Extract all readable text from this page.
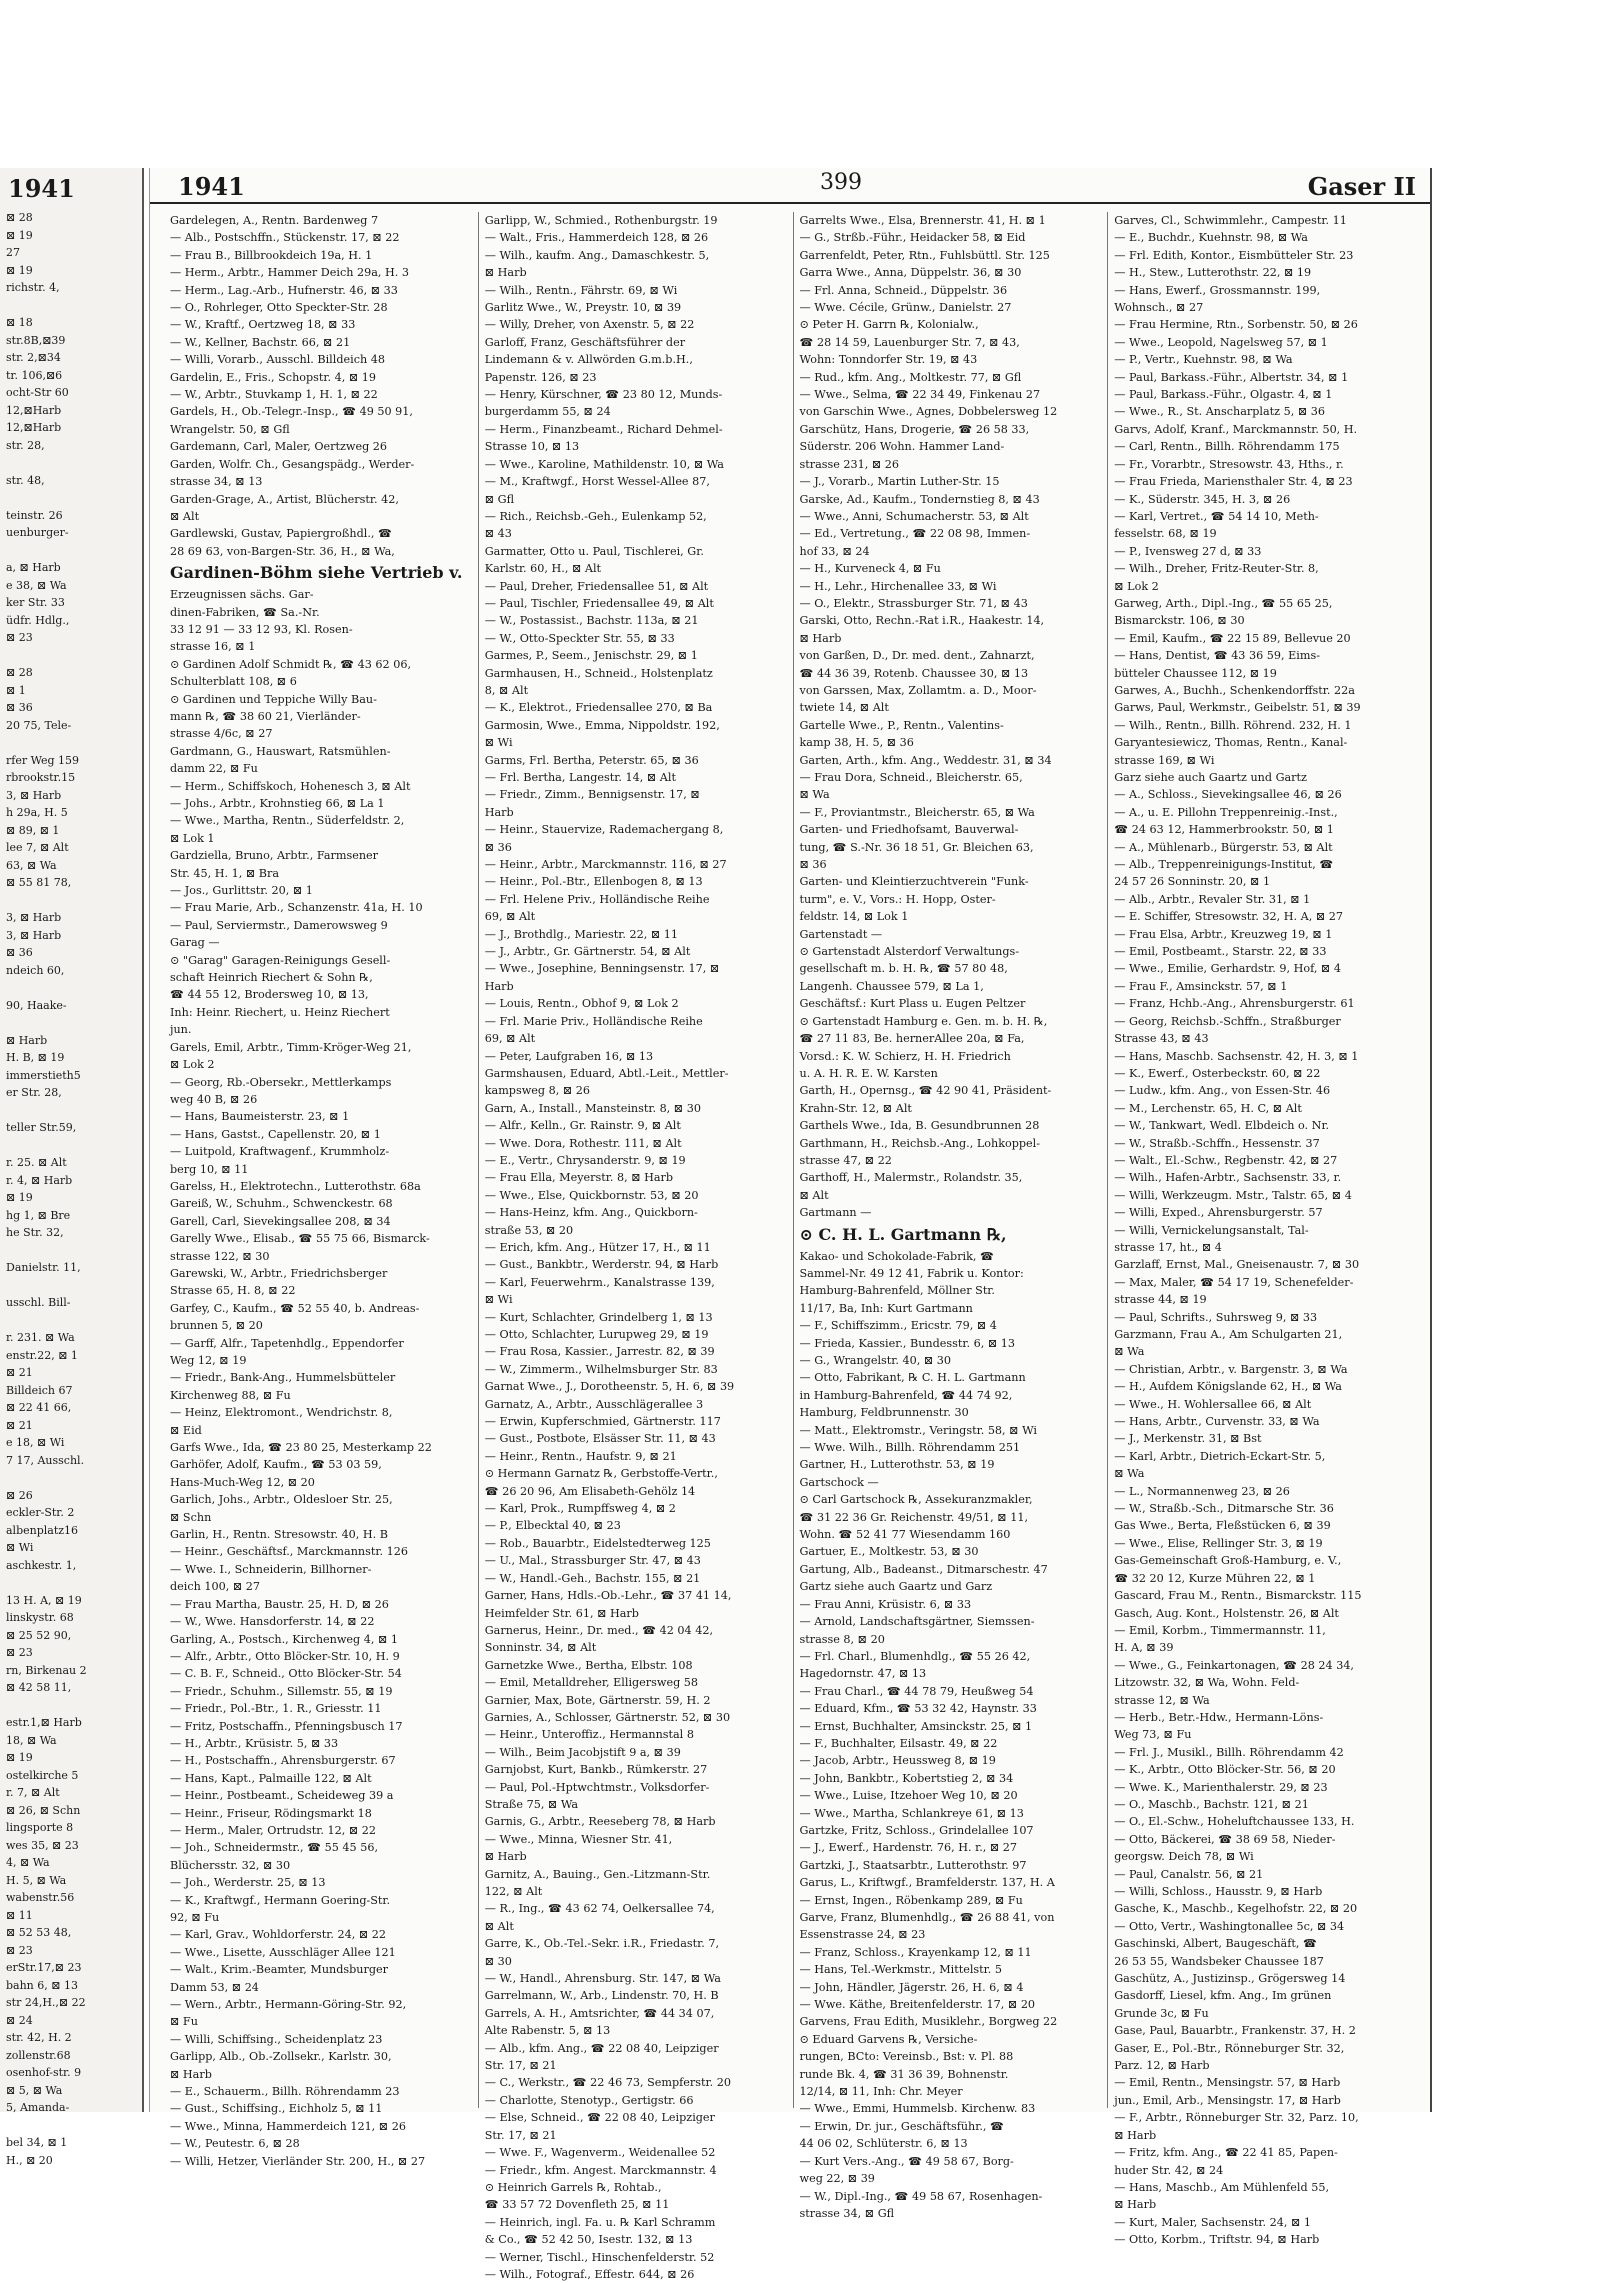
1941
⊠ 28
⊠ 19
27
⊠ 19
richstr. 4,

⊠ 18
str.8B,⊠39
str. 2,⊠34
tr. 106,⊠6
ocht-Str 60
12,⊠Harb
12,⊠Harb
str. 28,

str. 48,

teinstr. 26
uenburger-

a, ⊠ Harb
e 38, ⊠ Wa
ker Str. 33
üdfr. Hdlg.,
⊠ 23

⊠ 28
⊠ 1
⊠ 36
20 75, Tele-

rfer Weg 159
rbrookstr.15
3, ⊠ Harb
h 29a, H. 5
⊠ 89, ⊠ 1
lee 7, ⊠ Alt
63, ⊠ Wa
⊠ 55 81 78,

3, ⊠ Harb
3, ⊠ Harb
⊠ 36
ndeich 60,

90, Haake-

⊠ Harb
H. B, ⊠ 19
immerstieth5
er Str. 28,

teller Str.59,

r. 25. ⊠ Alt
r. 4, ⊠ Harb
⊠ 19
hg 1, ⊠ Bre
he Str. 32,

Danielstr. 11,

usschl. Bill-

r. 231. ⊠ Wa
enstr.22, ⊠ 1
⊠ 21
Billdeich 67
⊠ 22 41 66,
⊠ 21
e 18, ⊠ Wi
7 17, Ausschl.

⊠ 26
eckler-Str. 2
albenplatz16
⊠ Wi
aschkestr. 1,

13 H. A, ⊠ 19
linskystr. 68
⊠ 25 52 90,
⊠ 23
rn, Birkenau 2
⊠ 42 58 11,

estr.1,⊠ Harb
18, ⊠ Wa
⊠ 19
ostelkirche 5
r. 7, ⊠ Alt
⊠ 26, ⊠ Schn
lingsporte 8
wes 35, ⊠ 23
4, ⊠ Wa
H. 5, ⊠ Wa
wabenstr.56
⊠ 11
⊠ 52 53 48,
⊠ 23
erStr.17,⊠ 23
bahn 6, ⊠ 13
str 24,H.,⊠ 22
⊠ 24
str. 42, H. 2
zollenstr.68
osenhof-str. 9
⊠ 5, ⊠ Wa
5, Amanda-

bel 34, ⊠ 1
H., ⊠ 20
1941	399	Gaser II
Gardelegen, A., Rentn. Bardenweg 7
— Alb., Postschffn., Stückenstr. 17, ⊠ 22
— Frau B., Billbrookdeich 19a, H. 1
— Herm., Arbtr., Hammer Deich 29a, H. 3
— Herm., Lag.-Arb., Hufnerstr. 46, ⊠ 33
— O., Rohrleger, Otto Speckter-Str. 28
— W., Kraftf., Oertzweg 18, ⊠ 33
— W., Kellner, Bachstr. 66, ⊠ 21
— Willi, Vorarb., Ausschl. Billdeich 48
Gardelin, E., Fris., Schopstr. 4, ⊠ 19
— W., Arbtr., Stuvkamp 1, H. 1, ⊠ 22
Gardels, H., Ob.-Telegr.-Insp., ☎ 49 50 91,
Wrangelstr. 50, ⊠ Gfl
Gardemann, Carl, Maler, Oertzweg 26
Garden, Wolfr. Ch., Gesangspädg., Werder-
strasse 34, ⊠ 13
Garden-Grage, A., Artist, Blücherstr. 42,
⊠ Alt
Gardlewski, Gustav, Papiergroßhdl., ☎
28 69 63, von-Bargen-Str. 36, H., ⊠ Wa,
Gardinen-Böhm siehe Vertrieb v.
Erzeugnissen sächs. Gar-
dinen-Fabriken, ☎ Sa.-Nr.
33 12 91 — 33 12 93, Kl. Rosen-
strasse 16, ⊠ 1
⊙ Gardinen Adolf Schmidt ℞, ☎ 43 62 06,
Schulterblatt 108, ⊠ 6
⊙ Gardinen und Teppiche Willy Bau-
mann ℞, ☎ 38 60 21, Vierländer-
strasse 4/6c, ⊠ 27
Gardmann, G., Hauswart, Ratsmühlen-
damm 22, ⊠ Fu
— Herm., Schiffskoch, Hohenesch 3, ⊠ Alt
— Johs., Arbtr., Krohnstieg 66, ⊠ La 1
— Wwe., Martha, Rentn., Süderfeldstr. 2,
⊠ Lok 1
Gardziella, Bruno, Arbtr., Farmsener
Str. 45, H. 1, ⊠ Bra
— Jos., Gurlittstr. 20, ⊠ 1
— Frau Marie, Arb., Schanzenstr. 41a, H. 10
— Paul, Serviermstr., Damerowsweg 9
Garag —
⊙ "Garag" Garagen-Reinigungs Gesell-
schaft Heinrich Riechert & Sohn ℞,
☎ 44 55 12, Brodersweg 10, ⊠ 13,
Inh: Heinr. Riechert, u. Heinz Riechert
jun.
Garels, Emil, Arbtr., Timm-Kröger-Weg 21,
⊠ Lok 2
— Georg, Rb.-Obersekr., Mettlerkamps
weg 40 B, ⊠ 26
— Hans, Baumeisterstr. 23, ⊠ 1
— Hans, Gastst., Capellenstr. 20, ⊠ 1
— Luitpold, Kraftwagenf., Krummholz-
berg 10, ⊠ 11
Garelss, H., Elektrotechn., Lutterothstr. 68a
Gareiß, W., Schuhm., Schwenckestr. 68
Garell, Carl, Sievekingsallee 208, ⊠ 34
Garelly Wwe., Elisab., ☎ 55 75 66, Bismarck-
strasse 122, ⊠ 30
Garewski, W., Arbtr., Friedrichsberger
Strasse 65, H. 8, ⊠ 22
Garfey, C., Kaufm., ☎ 52 55 40, b. Andreas-
brunnen 5, ⊠ 20
— Garff, Alfr., Tapetenhdlg., Eppendorfer
Weg 12, ⊠ 19
— Friedr., Bank-Ang., Hummelsbütteler
Kirchenweg 88, ⊠ Fu
— Heinz, Elektromont., Wendrichstr. 8,
⊠ Eid
Garfs Wwe., Ida, ☎ 23 80 25, Mesterkamp 22
Garhöfer, Adolf, Kaufm., ☎ 53 03 59,
Hans-Much-Weg 12, ⊠ 20
Garlich, Johs., Arbtr., Oldesloer Str. 25,
⊠ Schn
Garlin, H., Rentn. Stresowstr. 40, H. B
— Heinr., Geschäftsf., Marckmannstr. 126
— Wwe. I., Schneiderin, Billhorner-
deich 100, ⊠ 27
— Frau Martha, Baustr. 25, H. D, ⊠ 26
— W., Wwe. Hansdorferstr. 14, ⊠ 22
Garling, A., Postsch., Kirchenweg 4, ⊠ 1
— Alfr., Arbtr., Otto Blöcker-Str. 10, H. 9
— C. B. F., Schneid., Otto Blöcker-Str. 54
— Friedr., Schuhm., Sillemstr. 55, ⊠ 19
— Friedr., Pol.-Btr., 1. R., Griesstr. 11
— Fritz, Postschaffn., Pfenningsbusch 17
— H., Arbtr., Krüsistr. 5, ⊠ 33
— H., Postschaffn., Ahrensburgerstr. 67
— Hans, Kapt., Palmaille 122, ⊠ Alt
— Heinr., Postbeamt., Scheideweg 39 a
— Heinr., Friseur, Rödingsmarkt 18
— Herm., Maler, Ortrudstr. 12, ⊠ 22
— Joh., Schneidermstr., ☎ 55 45 56,
Blüchersstr. 32, ⊠ 30
— Joh., Werderstr. 25, ⊠ 13
— K., Kraftwgf., Hermann Goering-Str.
92, ⊠ Fu
— Karl, Grav., Wohldorferstr. 24, ⊠ 22
— Wwe., Lisette, Ausschläger Allee 121
— Walt., Krim.-Beamter, Mundsburger
Damm 53, ⊠ 24
— Wern., Arbtr., Hermann-Göring-Str. 92,
⊠ Fu
— Willi, Schiffsing., Scheidenplatz 23
Garlipp, Alb., Ob.-Zollsekr., Karlstr. 30,
⊠ Harb
— E., Schauerm., Billh. Röhrendamm 23
— Gust., Schiffsing., Eichholz 5, ⊠ 11
— Wwe., Minna, Hammerdeich 121, ⊠ 26
— W., Peutestr. 6, ⊠ 28
— Willi, Hetzer, Vierländer Str. 200, H., ⊠ 27
Garlipp, W., Schmied., Rothenburgstr. 19
— Walt., Fris., Hammerdeich 128, ⊠ 26
— Wilh., kaufm. Ang., Damaschkestr. 5,
⊠ Harb
— Wilh., Rentn., Fährstr. 69, ⊠ Wi
Garlitz Wwe., W., Preystr. 10, ⊠ 39
— Willy, Dreher, von Axenstr. 5, ⊠ 22
Garloff, Franz, Geschäftsführer der
Lindemann & v. Allwörden G.m.b.H.,
Papenstr. 126, ⊠ 23
— Henry, Kürschner, ☎ 23 80 12, Munds-
burgerdamm 55, ⊠ 24
— Herm., Finanzbeamt., Richard Dehmel-
Strasse 10, ⊠ 13
— Wwe., Karoline, Mathildenstr. 10, ⊠ Wa
— M., Kraftwgf., Horst Wessel-Allee 87,
⊠ Gfl
— Rich., Reichsb.-Geh., Eulenkamp 52,
⊠ 43
Garmatter, Otto u. Paul, Tischlerei, Gr.
Karlstr. 60, H., ⊠ Alt
— Paul, Dreher, Friedensallee 51, ⊠ Alt
— Paul, Tischler, Friedensallee 49, ⊠ Alt
— W., Postassist., Bachstr. 113a, ⊠ 21
— W., Otto-Speckter Str. 55, ⊠ 33
Garmes, P., Seem., Jenischstr. 29, ⊠ 1
Garmhausen, H., Schneid., Holstenplatz
8, ⊠ Alt
— K., Elektrot., Friedensallee 270, ⊠ Ba
Garmosin, Wwe., Emma, Nippoldstr. 192,
⊠ Wi
Garms, Frl. Bertha, Peterstr. 65, ⊠ 36
— Frl. Bertha, Langestr. 14, ⊠ Alt
— Friedr., Zimm., Bennigsenstr. 17, ⊠
Harb
— Heinr., Stauervize, Rademachergang 8,
⊠ 36
— Heinr., Arbtr., Marckmannstr. 116, ⊠ 27
— Heinr., Pol.-Btr., Ellenbogen 8, ⊠ 13
— Frl. Helene Priv., Holländische Reihe
69, ⊠ Alt
— J., Brothdlg., Mariestr. 22, ⊠ 11
— J., Arbtr., Gr. Gärtnerstr. 54, ⊠ Alt
— Wwe., Josephine, Benningsenstr. 17, ⊠
Harb
— Louis, Rentn., Obhof 9, ⊠ Lok 2
— Frl. Marie Priv., Holländische Reihe
69, ⊠ Alt
— Peter, Laufgraben 16, ⊠ 13
Garmshausen, Eduard, Abtl.-Leit., Mettler-
kampsweg 8, ⊠ 26
Garn, A., Install., Mansteinstr. 8, ⊠ 30
— Alfr., Kelln., Gr. Rainstr. 9, ⊠ Alt
— Wwe. Dora, Rothestr. 111, ⊠ Alt
— E., Vertr., Chrysanderstr. 9, ⊠ 19
— Frau Ella, Meyerstr. 8, ⊠ Harb
— Wwe., Else, Quickbornstr. 53, ⊠ 20
— Hans-Heinz, kfm. Ang., Quickborn-
straße 53, ⊠ 20
— Erich, kfm. Ang., Hützer 17, H., ⊠ 11
— Gust., Bankbtr., Werderstr. 94, ⊠ Harb
— Karl, Feuerwehrm., Kanalstrasse 139,
⊠ Wi
— Kurt, Schlachter, Grindelberg 1, ⊠ 13
— Otto, Schlachter, Lurupweg 29, ⊠ 19
— Frau Rosa, Kassier., Jarrestr. 82, ⊠ 39
— W., Zimmerm., Wilhelmsburger Str. 83
Garnat Wwe., J., Dorotheenstr. 5, H. 6, ⊠ 39
Garnatz, A., Arbtr., Ausschlägerallee 3
— Erwin, Kupferschmied, Gärtnerstr. 117
— Gust., Postbote, Elsässer Str. 11, ⊠ 43
— Heinr., Rentn., Haufstr. 9, ⊠ 21
⊙ Hermann Garnatz ℞, Gerbstoffe-Vertr.,
☎ 26 20 96, Am Elisabeth-Gehölz 14
— Karl, Prok., Rumpffsweg 4, ⊠ 2
— P., Elbecktal 40, ⊠ 23
— Rob., Bauarbtr., Eidelstedterweg 125
— U., Mal., Strassburger Str. 47, ⊠ 43
— W., Handl.-Geh., Bachstr. 155, ⊠ 21
Garner, Hans, Hdls.-Ob.-Lehr., ☎ 37 41 14,
Heimfelder Str. 61, ⊠ Harb
Garnerus, Heinr., Dr. med., ☎ 42 04 42,
Sonninstr. 34, ⊠ Alt
Garnetzke Wwe., Bertha, Elbstr. 108
— Emil, Metalldreher, Elligersweg 58
Garnier, Max, Bote, Gärtnerstr. 59, H. 2
Garnies, A., Schlosser, Gärtnerstr. 52, ⊠ 30
— Heinr., Unteroffiz., Hermannstal 8
— Wilh., Beim Jacobjstift 9 a, ⊠ 39
Garnjobst, Kurt, Bankb., Rümkerstr. 27
— Paul, Pol.-Hptwchtmstr., Volksdorfer-
Straße 75, ⊠ Wa
Garnis, G., Arbtr., Reeseberg 78, ⊠ Harb
— Wwe., Minna, Wiesner Str. 41,
⊠ Harb
Garnitz, A., Bauing., Gen.-Litzmann-Str.
122, ⊠ Alt
— R., Ing., ☎ 43 62 74, Oelkersallee 74,
⊠ Alt
Garre, K., Ob.-Tel.-Sekr. i.R., Friedastr. 7,
⊠ 30
— W., Handl., Ahrensburg. Str. 147, ⊠ Wa
Garrelmann, W., Arb., Lindenstr. 70, H. B
Garrels, A. H., Amtsrichter, ☎ 44 34 07,
Alte Rabenstr. 5, ⊠ 13
— Alb., kfm. Ang., ☎ 22 08 40, Leipziger
Str. 17, ⊠ 21
— C., Werkstr., ☎ 22 46 73, Sempferstr. 20
— Charlotte, Stenotyp., Gertigstr. 66
— Else, Schneid., ☎ 22 08 40, Leipziger
Str. 17, ⊠ 21
— Wwe. F., Wagenverm., Weidenallee 52
— Friedr., kfm. Angest. Marckmannstr. 4
⊙ Heinrich Garrels ℞, Rohtab.,
☎ 33 57 72 Dovenfleth 25, ⊠ 11
— Heinrich, ingl. Fa. u. ℞ Karl Schramm
& Co., ☎ 52 42 50, Isestr. 132, ⊠ 13
— Werner, Tischl., Hinschenfelderstr. 52
— Wilh., Fotograf., Effestr. 644, ⊠ 26
Garrelts Wwe., Elsa, Brennerstr. 41, H. ⊠ 1
— G., Strßb.-Führ., Heidacker 58, ⊠ Eid
Garrenfeldt, Peter, Rtn., Fuhlsbüttl. Str. 125
Garra Wwe., Anna, Düppelstr. 36, ⊠ 30
— Frl. Anna, Schneid., Düppelstr. 36
— Wwe. Cécile, Grünw., Danielstr. 27
⊙ Peter H. Garrn ℞, Kolonialw.,
☎ 28 14 59, Lauenburger Str. 7, ⊠ 43,
Wohn: Tonndorfer Str. 19, ⊠ 43
— Rud., kfm. Ang., Moltkestr. 77, ⊠ Gfl
— Wwe., Selma, ☎ 22 34 49, Finkenau 27
von Garschin Wwe., Agnes, Dobbelersweg 12
Garschütz, Hans, Drogerie, ☎ 26 58 33,
Süderstr. 206 Wohn. Hammer Land-
strasse 231, ⊠ 26
— J., Vorarb., Martin Luther-Str. 15
Garske, Ad., Kaufm., Tondernstieg 8, ⊠ 43
— Wwe., Anni, Schumacherstr. 53, ⊠ Alt
— Ed., Vertretung., ☎ 22 08 98, Immen-
hof 33, ⊠ 24
— H., Kurveneck 4, ⊠ Fu
— H., Lehr., Hirchenallee 33, ⊠ Wi
— O., Elektr., Strassburger Str. 71, ⊠ 43
Garski, Otto, Rechn.-Rat i.R., Haakestr. 14,
⊠ Harb
von Garßen, D., Dr. med. dent., Zahnarzt,
☎ 44 36 39, Rotenb. Chaussee 30, ⊠ 13
von Garssen, Max, Zollamtm. a. D., Moor-
twiete 14, ⊠ Alt
Gartelle Wwe., P., Rentn., Valentins-
kamp 38, H. 5, ⊠ 36
Garten, Arth., kfm. Ang., Weddestr. 31, ⊠ 34
— Frau Dora, Schneid., Bleicherstr. 65,
⊠ Wa
— F., Proviantmstr., Bleicherstr. 65, ⊠ Wa
Garten- und Friedhofsamt, Bauverwal-
tung, ☎ S.-Nr. 36 18 51, Gr. Bleichen 63,
⊠ 36
Garten- und Kleintierzuchtverein "Funk-
turm", e. V., Vors.: H. Hopp, Oster-
feldstr. 14, ⊠ Lok 1
Gartenstadt —
⊙ Gartenstadt Alsterdorf Verwaltungs-
gesellschaft m. b. H. ℞, ☎ 57 80 48,
Langenh. Chaussee 579, ⊠ La 1,
Geschäftsf.: Kurt Plass u. Eugen Peltzer
⊙ Gartenstadt Hamburg e. Gen. m. b. H. ℞,
☎ 27 11 83, Be. hernerAllee 20a, ⊠ Fa,
Vorsd.: K. W. Schierz, H. H. Friedrich
u. A. H. R. E. W. Karsten
Garth, H., Opernsg., ☎ 42 90 41, Präsident-
Krahn-Str. 12, ⊠ Alt
Garthels Wwe., Ida, B. Gesundbrunnen 28
Garthmann, H., Reichsb.-Ang., Lohkoppel-
strasse 47, ⊠ 22
Garthoff, H., Malermstr., Rolandstr. 35,
⊠ Alt
Gartmann —
⊙ C. H. L. Gartmann ℞,
Kakao- und Schokolade-Fabrik, ☎
Sammel-Nr. 49 12 41, Fabrik u. Kontor:
Hamburg-Bahrenfeld, Möllner Str.
11/17, Ba, Inh: Kurt Gartmann
— F., Schiffszimm., Ericstr. 79, ⊠ 4
— Frieda, Kassier., Bundesstr. 6, ⊠ 13
— G., Wrangelstr. 40, ⊠ 30
— Otto, Fabrikant, ℞ C. H. L. Gartmann
in Hamburg-Bahrenfeld, ☎ 44 74 92,
Hamburg, Feldbrunnenstr. 30
— Matt., Elektromstr., Veringstr. 58, ⊠ Wi
— Wwe. Wilh., Billh. Röhrendamm 251
Gartner, H., Lutterothstr. 53, ⊠ 19
Gartschock —
⊙ Carl Gartschock ℞, Assekuranzmakler,
☎ 31 22 36 Gr. Reichenstr. 49/51, ⊠ 11,
Wohn. ☎ 52 41 77 Wiesendamm 160
Gartuer, E., Moltkestr. 53, ⊠ 30
Gartung, Alb., Badeanst., Ditmarschestr. 47
Gartz siehe auch Gaartz und Garz
— Frau Anni, Krüsistr. 6, ⊠ 33
— Arnold, Landschaftsgärtner, Siemssen-
strasse 8, ⊠ 20
— Frl. Charl., Blumenhdlg., ☎ 55 26 42,
Hagedornstr. 47, ⊠ 13
— Frau Charl., ☎ 44 78 79, Heußweg 54
— Eduard, Kfm., ☎ 53 32 42, Haynstr. 33
— Ernst, Buchhalter, Amsinckstr. 25, ⊠ 1
— F., Buchhalter, Eilsastr. 49, ⊠ 22
— Jacob, Arbtr., Heussweg 8, ⊠ 19
— John, Bankbtr., Kobertstieg 2, ⊠ 34
— Wwe., Luise, Itzehoer Weg 10, ⊠ 20
— Wwe., Martha, Schlankreye 61, ⊠ 13
Gartzke, Fritz, Schloss., Grindelallee 107
— J., Ewerf., Hardenstr. 76, H. r., ⊠ 27
Gartzki, J., Staatsarbtr., Lutterothstr. 97
Garus, L., Kriftwgf., Bramfelderstr. 137, H. A
— Ernst, Ingen., Röbenkamp 289, ⊠ Fu
Garve, Franz, Blumenhdlg., ☎ 26 88 41, von
Essenstrasse 24, ⊠ 23
— Franz, Schloss., Krayenkamp 12, ⊠ 11
— Hans, Tel.-Werkmstr., Mittelstr. 5
— John, Händler, Jägerstr. 26, H. 6, ⊠ 4
— Wwe. Käthe, Breitenfelderstr. 17, ⊠ 20
Garvens, Frau Edith, Musiklehr., Borgweg 22
⊙ Eduard Garvens ℞, Versiche-
rungen, BCto: Vereinsb., Bst: v. Pl. 88
runde Bk. 4, ☎ 31 36 39, Bohnenstr.
12/14, ⊠ 11, Inh: Chr. Meyer
— Wwe., Emmi, Hummelsb. Kirchenw. 83
— Erwin, Dr. jur., Geschäftsführ., ☎
44 06 02, Schlüterstr. 6, ⊠ 13
— Kurt Vers.-Ang., ☎ 49 58 67, Borg-
weg 22, ⊠ 39
— W., Dipl.-Ing., ☎ 49 58 67, Rosenhagen-
strasse 34, ⊠ Gfl
Garves, Cl., Schwimmlehr., Campestr. 11
— E., Buchdr., Kuehnstr. 98, ⊠ Wa
— Frl. Edith, Kontor., Eismbütteler Str. 23
— H., Stew., Lutterothstr. 22, ⊠ 19
— Hans, Ewerf., Grossmannstr. 199,
Wohnsch., ⊠ 27
— Frau Hermine, Rtn., Sorbenstr. 50, ⊠ 26
— Wwe., Leopold, Nagelsweg 57, ⊠ 1
— P., Vertr., Kuehnstr. 98, ⊠ Wa
— Paul, Barkass.-Führ., Albertstr. 34, ⊠ 1
— Paul, Barkass.-Führ., Olgastr. 4, ⊠ 1
— Wwe., R., St. Anscharplatz 5, ⊠ 36
Garvs, Adolf, Kranf., Marckmannstr. 50, H.
— Carl, Rentn., Billh. Röhrendamm 175
— Fr., Vorarbtr., Stresowstr. 43, Hths., r.
— Frau Frieda, Mariensthaler Str. 4, ⊠ 23
— K., Süderstr. 345, H. 3, ⊠ 26
— Karl, Vertret., ☎ 54 14 10, Meth-
fesselstr. 68, ⊠ 19
— P., Ivensweg 27 d, ⊠ 33
— Wilh., Dreher, Fritz-Reuter-Str. 8,
⊠ Lok 2
Garweg, Arth., Dipl.-Ing., ☎ 55 65 25,
Bismarckstr. 106, ⊠ 30
— Emil, Kaufm., ☎ 22 15 89, Bellevue 20
— Hans, Dentist, ☎ 43 36 59, Eims-
bütteler Chaussee 112, ⊠ 19
Garwes, A., Buchh., Schenkendorffstr. 22a
Garws, Paul, Werkmstr., Geibelstr. 51, ⊠ 39
— Wilh., Rentn., Billh. Röhrend. 232, H. 1
Garyantesiewicz, Thomas, Rentn., Kanal-
strasse 169, ⊠ Wi
Garz siehe auch Gaartz und Gartz
— A., Schloss., Sievekingsallee 46, ⊠ 26
— A., u. E. Pillohn Treppenreinig.-Inst.,
☎ 24 63 12, Hammerbrookstr. 50, ⊠ 1
— A., Mühlenarb., Bürgerstr. 53, ⊠ Alt
— Alb., Treppenreinigungs-Institut, ☎
24 57 26 Sonninstr. 20, ⊠ 1
— Alb., Arbtr., Revaler Str. 31, ⊠ 1
— E. Schiffer, Stresowstr. 32, H. A, ⊠ 27
— Frau Elsa, Arbtr., Kreuzweg 19, ⊠ 1
— Emil, Postbeamt., Starstr. 22, ⊠ 33
— Wwe., Emilie, Gerhardstr. 9, Hof, ⊠ 4
— Frau F., Amsinckstr. 57, ⊠ 1
— Franz, Hchb.-Ang., Ahrensburgerstr. 61
— Georg, Reichsb.-Schffn., Straßburger
Strasse 43, ⊠ 43
— Hans, Maschb. Sachsenstr. 42, H. 3, ⊠ 1
— K., Ewerf., Osterbeckstr. 60, ⊠ 22
— Ludw., kfm. Ang., von Essen-Str. 46
— M., Lerchenstr. 65, H. C, ⊠ Alt
— W., Tankwart, Wedl. Elbdeich o. Nr.
— W., Straßb.-Schffn., Hessenstr. 37
— Walt., El.-Schw., Regbenstr. 42, ⊠ 27
— Wilh., Hafen-Arbtr., Sachsenstr. 33, r.
— Willi, Werkzeugm. Mstr., Talstr. 65, ⊠ 4
— Willi, Exped., Ahrensburgerstr. 57
— Willi, Vernickelungsanstalt, Tal-
strasse 17, ht., ⊠ 4
Garzlaff, Ernst, Mal., Gneisenaustr. 7, ⊠ 30
— Max, Maler, ☎ 54 17 19, Schenefelder-
strasse 44, ⊠ 19
— Paul, Schrifts., Suhrsweg 9, ⊠ 33
Garzmann, Frau A., Am Schulgarten 21,
⊠ Wa
— Christian, Arbtr., v. Bargenstr. 3, ⊠ Wa
— H., Aufdem Königslande 62, H., ⊠ Wa
— Wwe., H. Wohlersallee 66, ⊠ Alt
— Hans, Arbtr., Curvenstr. 33, ⊠ Wa
— J., Merkenstr. 31, ⊠ Bst
— Karl, Arbtr., Dietrich-Eckart-Str. 5,
⊠ Wa
— L., Normannenweg 23, ⊠ 26
— W., Straßb.-Sch., Ditmarsche Str. 36
Gas Wwe., Berta, Fleßstücken 6, ⊠ 39
— Wwe., Elise, Rellinger Str. 3, ⊠ 19
Gas-Gemeinschaft Groß-Hamburg, e. V.,
☎ 32 20 12, Kurze Mühren 22, ⊠ 1
Gascard, Frau M., Rentn., Bismarckstr. 115
Gasch, Aug. Kont., Holstenstr. 26, ⊠ Alt
— Emil, Korbm., Timmermannstr. 11,
H. A, ⊠ 39
— Wwe., G., Feinkartonagen, ☎ 28 24 34,
Litzowstr. 32, ⊠ Wa, Wohn. Feld-
strasse 12, ⊠ Wa
— Herb., Betr.-Hdw., Hermann-Löns-
Weg 73, ⊠ Fu
— Frl. J., Musikl., Billh. Röhrendamm 42
— K., Arbtr., Otto Blöcker-Str. 56, ⊠ 20
— Wwe. K., Marienthalerstr. 29, ⊠ 23
— O., Maschb., Bachstr. 121, ⊠ 21
— O., El.-Schw., Hoheluftchaussee 133, H.
— Otto, Bäckerei, ☎ 38 69 58, Nieder-
georgsw. Deich 78, ⊠ Wi
— Paul, Canalstr. 56, ⊠ 21
— Willi, Schloss., Hausstr. 9, ⊠ Harb
Gasche, K., Maschb., Kegelhofstr. 22, ⊠ 20
— Otto, Vertr., Washingtonallee 5c, ⊠ 34
Gaschinski, Albert, Baugeschäft, ☎
26 53 55, Wandsbeker Chaussee 187
Gaschütz, A., Justizinsp., Grögersweg 14
Gasdorff, Liesel, kfm. Ang., Im grünen
Grunde 3c, ⊠ Fu
Gase, Paul, Bauarbtr., Frankenstr. 37, H. 2
Gaser, E., Pol.-Btr., Rönneburger Str. 32,
Parz. 12, ⊠ Harb
— Emil, Rentn., Mensingstr. 57, ⊠ Harb
jun., Emil, Arb., Mensingstr. 17, ⊠ Harb
— F., Arbtr., Rönneburger Str. 32, Parz. 10,
⊠ Harb
— Fritz, kfm. Ang., ☎ 22 41 85, Papen-
huder Str. 42, ⊠ 24
— Hans, Maschb., Am Mühlenfeld 55,
⊠ Harb
— Kurt, Maler, Sachsenstr. 24, ⊠ 1
— Otto, Korbm., Triftstr. 94, ⊠ Harb
